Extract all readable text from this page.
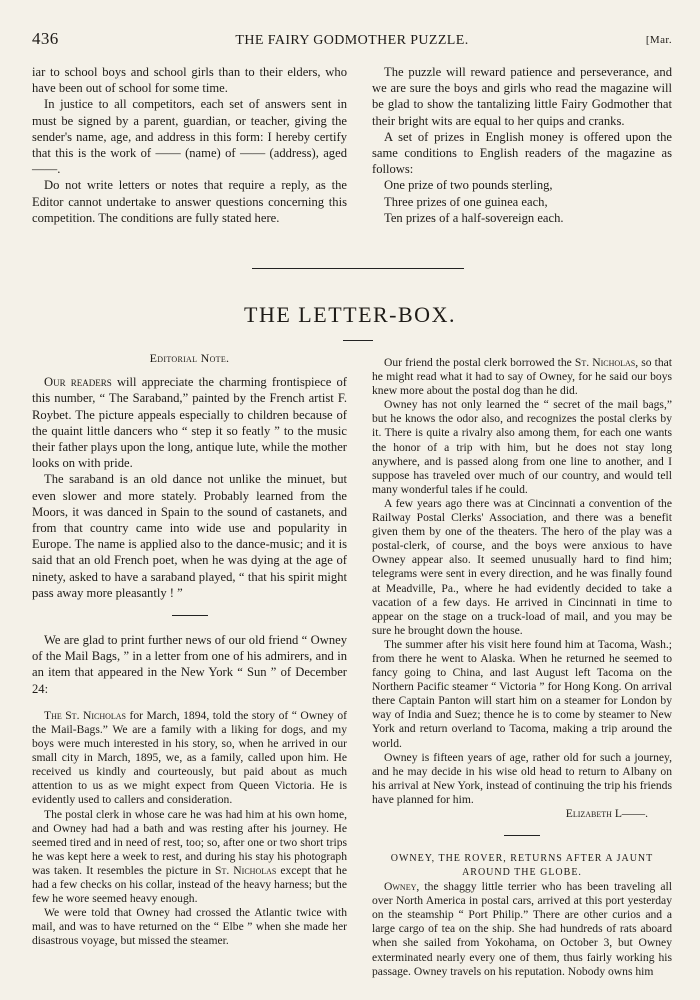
436	THE FAIRY GODMOTHER PUZZLE.	[Mar.

iar to school boys and school girls than to their elders, who have been out of school for some time.

In justice to all competitors, each set of answers sent in must be signed by a parent, guardian, or teacher, giving the sender's name, age, and address in this form: I hereby certify that this is the work of —— (name) of —— (address), aged ——.

Do not write letters or notes that require a reply, as the Editor cannot undertake to answer questions concerning this competition. The conditions are fully stated here.

The puzzle will reward patience and perseverance, and we are sure the boys and girls who read the magazine will be glad to show the tantalizing little Fairy Godmother that their bright wits are equal to her quips and cranks.

A set of prizes in English money is offered upon the same conditions to English readers of the magazine as follows:

One prize of two pounds sterling,

Three prizes of one guinea each,

Ten prizes of a half-sovereign each.

THE LETTER-BOX.
Editorial Note.

Our readers will appreciate the charming frontispiece of this number, “ The Saraband,” painted by the French artist F. Roybet. The picture appeals especially to children because of the quaint little dancers who “ step it so featly ” to the music their father plays upon the long, antique lute, while the mother looks on with pride.

The saraband is an old dance not unlike the minuet, but even slower and more stately. Probably learned from the Moors, it was danced in Spain to the sound of castanets, and from that country came into wide use and popularity in Europe. The name is applied also to the dance-music; and it is said that an old French poet, when he was dying at the age of ninety, asked to have a saraband played, “ that his spirit might pass away more pleasantly ! ”

We are glad to print further news of our old friend “ Owney of the Mail Bags, ” in a letter from one of his admirers, and in an item that appeared in the New York “ Sun ” of December 24:

The St. Nicholas for March, 1894, told the story of “ Owney of the Mail-Bags.” We are a family with a liking for dogs, and my boys were much interested in his story, so, when he arrived in our small city in March, 1895, we, as a family, called upon him. He received us kindly and courteously, but paid about as much attention to us as we might expect from Queen Victoria. He is evidently used to callers and consideration.

The postal clerk in whose care he was had him at his own home, and Owney had had a bath and was resting after his journey. He seemed tired and in need of rest, too; so, after one or two short trips he was kept here a week to rest, and during his stay his photograph was taken. It resembles the picture in St. Nicholas except that he had a few checks on his collar, instead of the heavy harness; but the few he wore seemed heavy enough.

We were told that Owney had crossed the Atlantic twice with mail, and was to have returned on the “ Elbe ” when she made her disastrous voyage, but missed the steamer.

Our friend the postal clerk borrowed the St. Nicholas, so that he might read what it had to say of Owney, for he said our boys knew more about the postal dog than he did.

Owney has not only learned the “ secret of the mail bags,” but he knows the odor also, and recognizes the postal clerks by it. There is quite a rivalry also among them, for each one wants the honor of a trip with him, but he does not stay long anywhere, and is passed along from one line to another, and I suppose has traveled over much of our country, and would tell many wonderful tales if he could.

A few years ago there was at Cincinnati a convention of the Railway Postal Clerks' Association, and there was a benefit given them by one of the theaters. The hero of the play was a postal-clerk, of course, and the boys were anxious to have Owney appear also. It seemed unusually hard to find him; telegrams were sent in every direction, and he was finally found at Meadville, Pa., where he had evidently decided to take a vacation of a few days. He arrived in Cincinnati in time to appear on the stage on a truck-load of mail, and you may be sure he brought down the house.

The summer after his visit here found him at Tacoma, Wash.; from there he went to Alaska. When he returned he seemed to fancy going to China, and last August left Tacoma on the Northern Pacific steamer “ Victoria ” for Hong Kong. On arrival there Captain Panton will start him on a steamer for London by way of India and Suez; thence he is to come by steamer to New York and return overland to Tacoma, making a trip around the world.

Owney is fifteen years of age, rather old for such a journey, and he may decide in his wise old head to return to Albany on his arrival at New York, instead of continuing the trip his friends have planned for him.

Elizabeth L——.

OWNEY, THE ROVER, RETURNS AFTER A JAUNT AROUND THE GLOBE.

Owney, the shaggy little terrier who has been traveling all over North America in postal cars, arrived at this port yesterday on the steamship “ Port Philip.” There are other curios and a large cargo of tea on the ship. She had hundreds of rats aboard when she sailed from Yokohama, on October 3, but Owney exterminated nearly every one of them, thus fairly working his passage. Owney travels on his reputation. Nobody owns him
